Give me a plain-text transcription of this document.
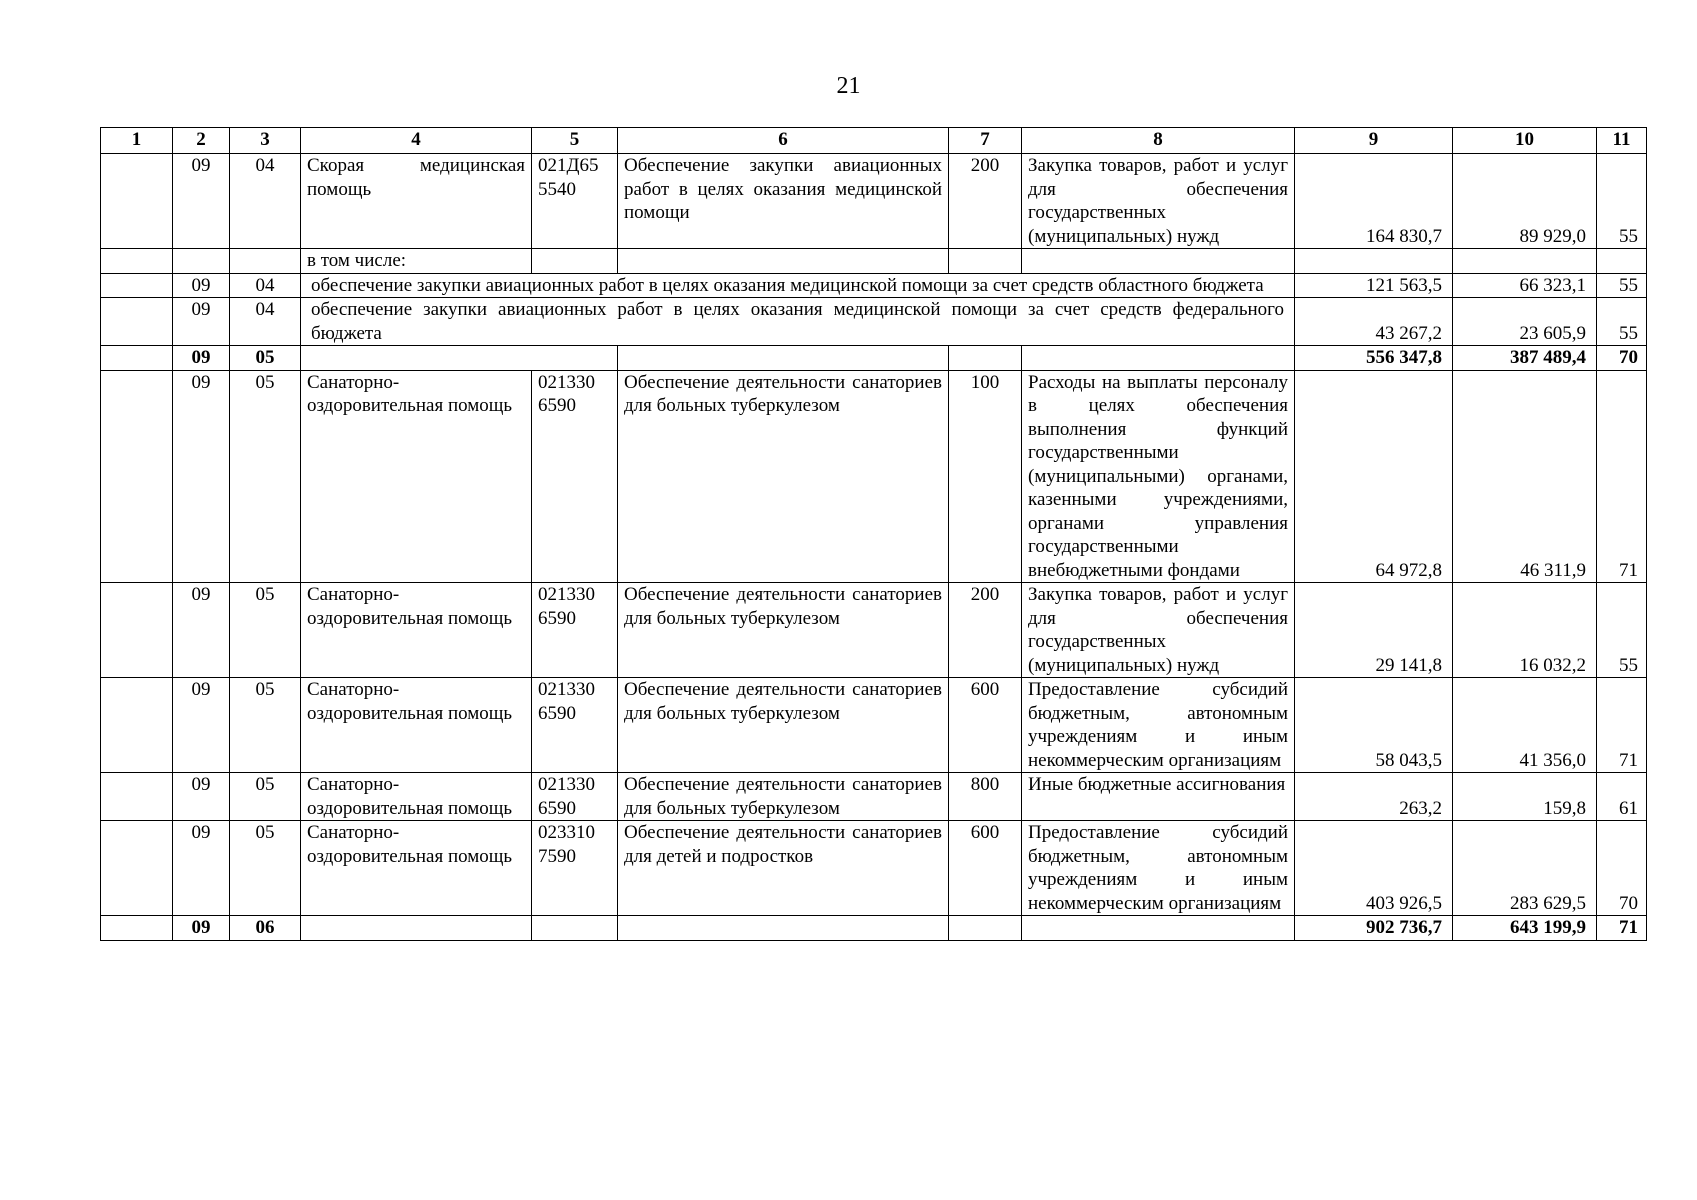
21
1	2	3	4	5	6	7	8	9	10	11
	09	04	Скорая медицинская помощь	021Д65 5540	Обеспечение закупки авиационных работ в целях оказания медицинской помощи	200	Закупка товаров, работ и услуг для обеспечения государственных (муниципальных) нужд	164 830,7	89 929,0	55
			в том числе:							
	09	04	обеспечение закупки авиационных работ в целях оказания медицинской помощи за счет средств областного бюджета					121 563,5	66 323,1	55
	09	04	обеспечение закупки авиационных работ в целях оказания медицинской помощи за счет средств федерального бюджета					43 267,2	23 605,9	55
	09	05						556 347,8	387 489,4	70
	09	05	Санаторно-оздоровительная помощь	021330 6590	Обеспечение деятельности санаториев для больных туберкулезом	100	Расходы на выплаты персоналу в целях обеспечения выполнения функций государственными (муниципальными) органами, казенными учреждениями, органами управления государственными внебюджетными фондами	64 972,8	46 311,9	71
	09	05	Санаторно-оздоровительная помощь	021330 6590	Обеспечение деятельности санаториев для больных туберкулезом	200	Закупка товаров, работ и услуг для обеспечения государственных (муниципальных) нужд	29 141,8	16 032,2	55
	09	05	Санаторно-оздоровительная помощь	021330 6590	Обеспечение деятельности санаториев для больных туберкулезом	600	Предоставление субсидий бюджетным, автономным учреждениям и иным некоммерческим организациям	58 043,5	41 356,0	71
	09	05	Санаторно-оздоровительная помощь	021330 6590	Обеспечение деятельности санаториев для больных туберкулезом	800	Иные бюджетные ассигнования	263,2	159,8	61
	09	05	Санаторно-оздоровительная помощь	023310 7590	Обеспечение деятельности санаториев для детей и подростков	600	Предоставление субсидий бюджетным, автономным учреждениям и иным некоммерческим организациям	403 926,5	283 629,5	70
	09	06						902 736,7	643 199,9	71
